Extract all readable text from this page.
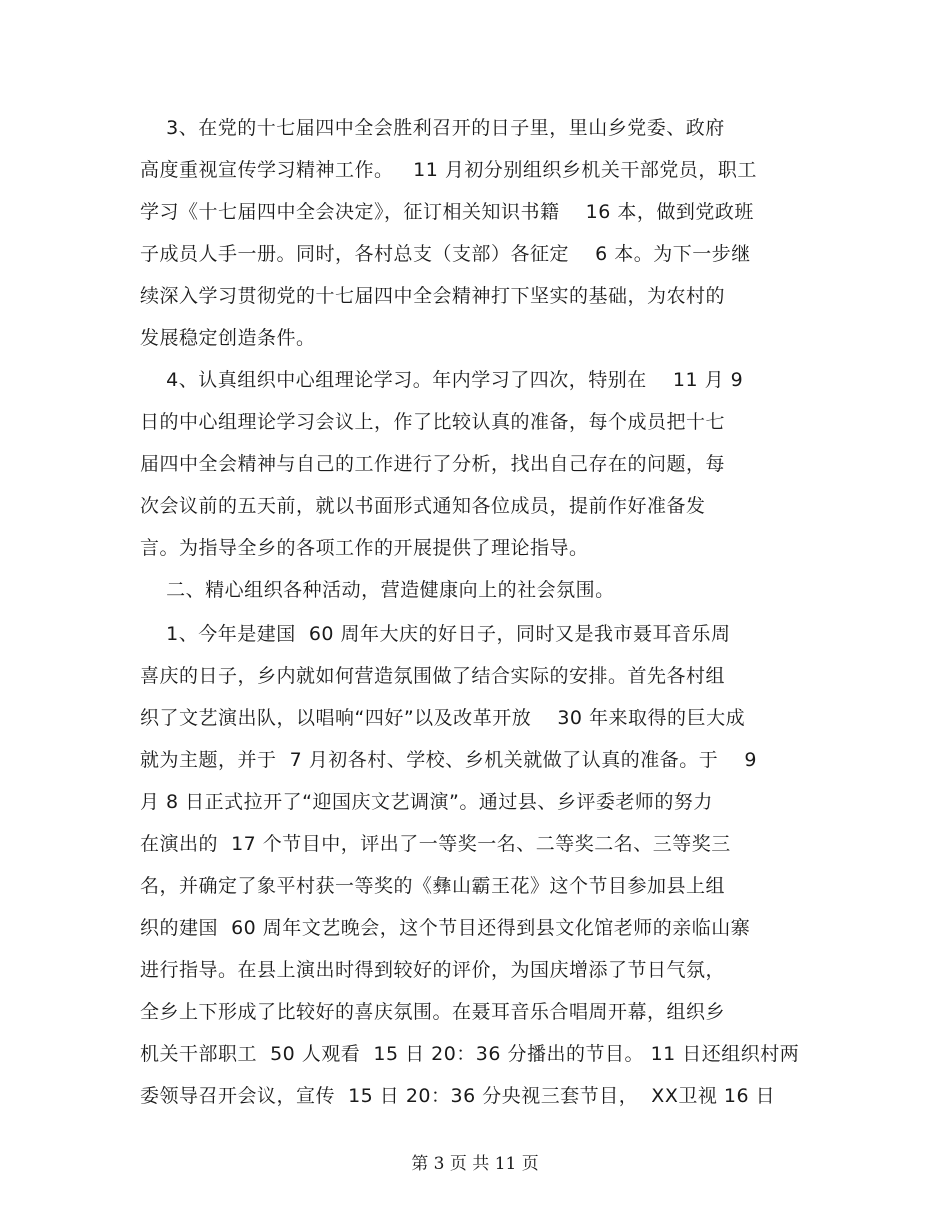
3、在党的十七届四中全会胜利召开的日子里，里山乡党委、政府
高度重视宣传学习精神工作。   11 月初分别组织乡机关干部党员，职工
学习《十七届四中全会决定》，征订相关知识书籍    16 本，做到党政班
子成员人手一册。同时，各村总支（支部）各征定    6 本。为下一步继
续深入学习贯彻党的十七届四中全会精神打下坚实的基础，为农村的
发展稳定创造条件。
4、认真组织中心组理论学习。年内学习了四次，特别在    11 月 9
日的中心组理论学习会议上，作了比较认真的准备，每个成员把十七
届四中全会精神与自己的工作进行了分析，找出自己存在的问题，每
次会议前的五天前，就以书面形式通知各位成员，提前作好准备发
言。为指导全乡的各项工作的开展提供了理论指导。
二、精心组织各种活动，营造健康向上的社会氛围。
1、今年是建国  60 周年大庆的好日子，同时又是我市聂耳音乐周
喜庆的日子，乡内就如何营造氛围做了结合实际的安排。首先各村组
织了文艺演出队，以唱响“四好”以及改革开放    30 年来取得的巨大成
就为主题，并于  7 月初各村、学校、乡机关就做了认真的准备。于    9
月 8 日正式拉开了“迎国庆文艺调演”。通过县、乡评委老师的努力
在演出的  17 个节目中，评出了一等奖一名、二等奖二名、三等奖三
名，并确定了象平村获一等奖的《彝山霸王花》这个节目参加县上组
织的建国  60 周年文艺晚会，这个节目还得到县文化馆老师的亲临山寨
进行指导。在县上演出时得到较好的评价，为国庆增添了节日气氛，
全乡上下形成了比较好的喜庆氛围。在聂耳音乐合唱周开幕，组织乡
机关干部职工  50 人观看  15 日 20：36 分播出的节目。 11 日还组织村两
委领导召开会议，宣传  15 日 20：36 分央视三套节目，  XX卫视 16 日
第 3 页 共 11 页
